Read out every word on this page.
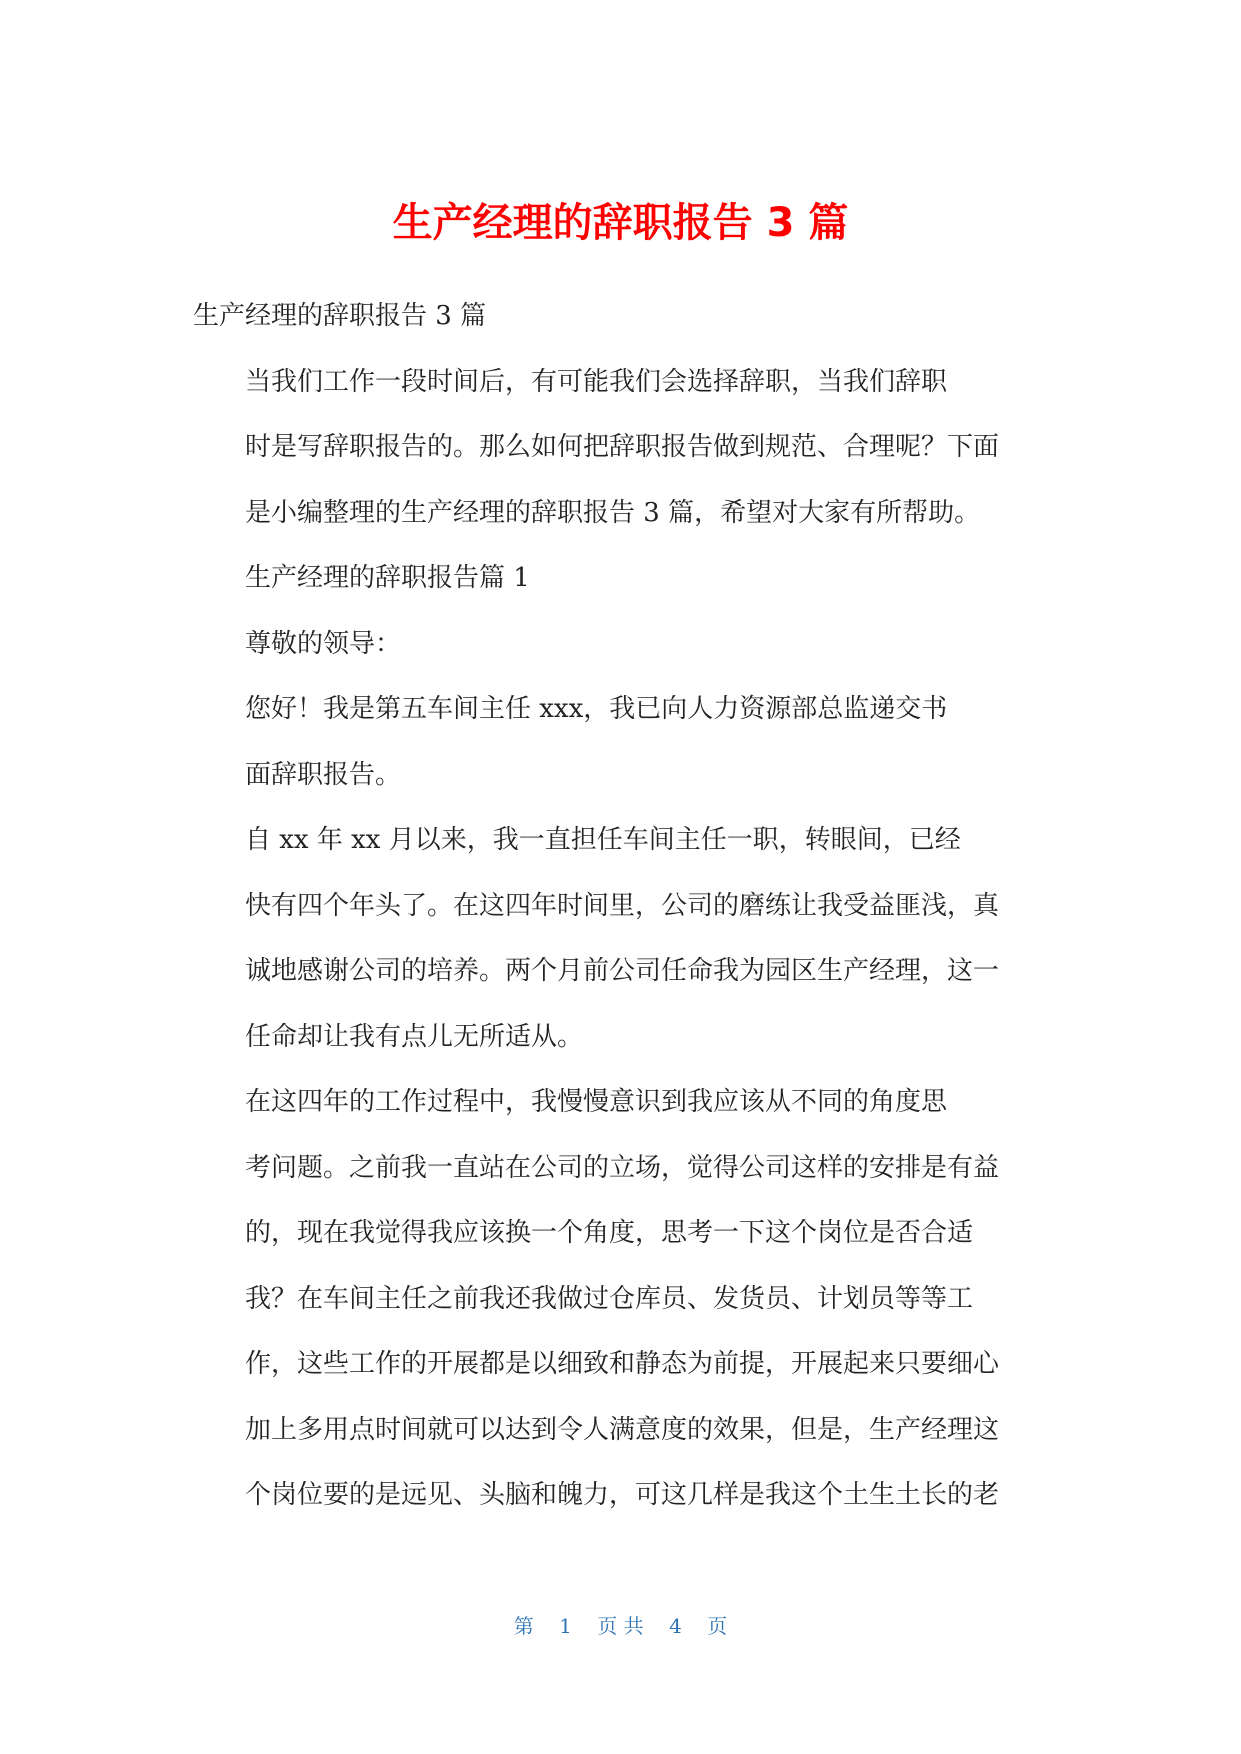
生产经理的辞职报告 3 篇

生产经理的辞职报告 3 篇

当我们工作一段时间后，有可能我们会选择辞职，当我们辞职
时是写辞职报告的。那么如何把辞职报告做到规范、合理呢？下面
是小编整理的生产经理的辞职报告 3 篇，希望对大家有所帮助。

生产经理的辞职报告篇 1

尊敬的领导：

您好！我是第五车间主任 xxx，我已向人力资源部总监递交书
面辞职报告。

自 xx 年 xx 月以来，我一直担任车间主任一职，转眼间，已经
快有四个年头了。在这四年时间里，公司的磨练让我受益匪浅，真
诚地感谢公司的培养。两个月前公司任命我为园区生产经理，这一
任命却让我有点儿无所适从。

在这四年的工作过程中，我慢慢意识到我应该从不同的角度思
考问题。之前我一直站在公司的立场，觉得公司这样的安排是有益
的，现在我觉得我应该换一个角度，思考一下这个岗位是否合适
我？在车间主任之前我还我做过仓库员、发货员、计划员等等工
作，这些工作的开展都是以细致和静态为前提，开展起来只要细心
加上多用点时间就可以达到令人满意度的效果，但是，生产经理这
个岗位要的是远见、头脑和魄力，可这几样是我这个土生土长的老

第 1 页 共 4 页
